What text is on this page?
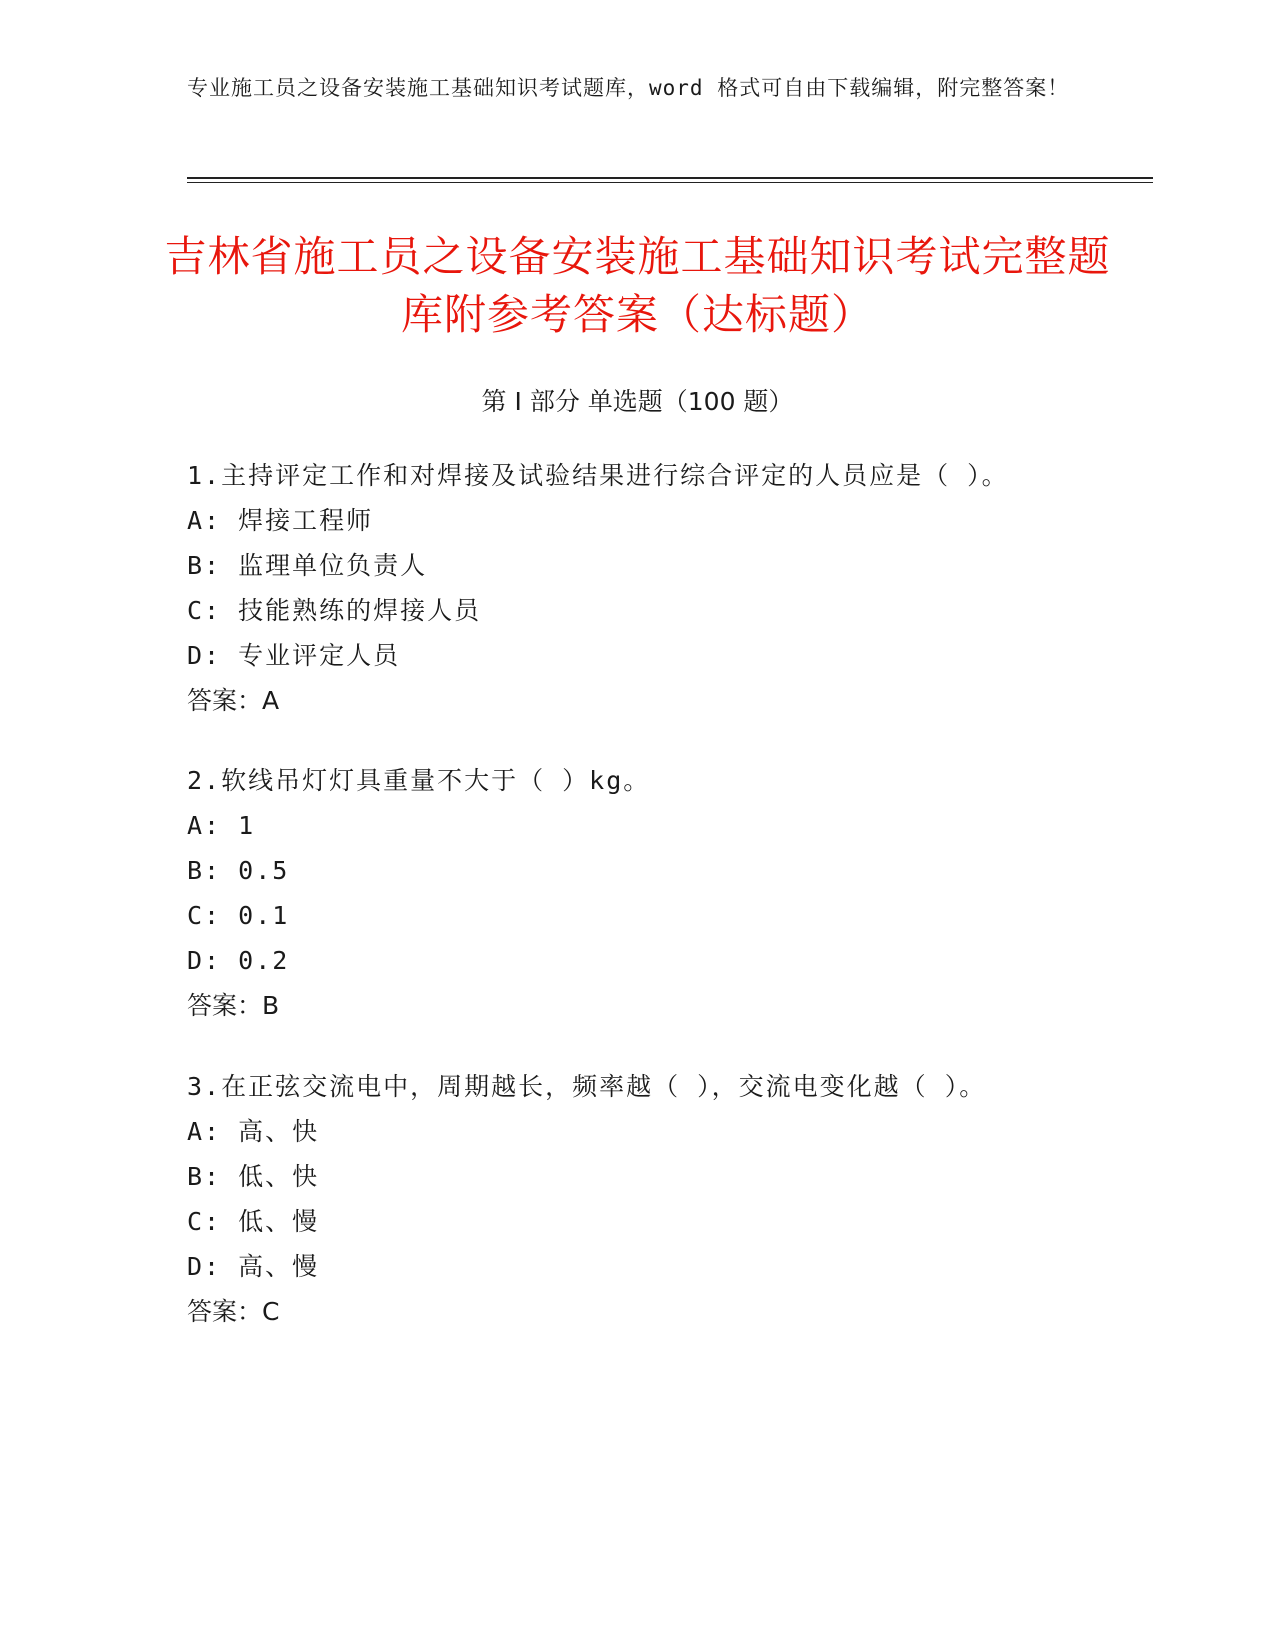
专业施工员之设备安装施工基础知识考试题库，word 格式可自由下载编辑，附完整答案！
吉林省施工员之设备安装施工基础知识考试完整题库附参考答案（达标题）
第 I 部分 单选题（100 题）
1.主持评定工作和对焊接及试验结果进行综合评定的人员应是（ ）。
A: 焊接工程师
B: 监理单位负责人
C: 技能熟练的焊接人员
D: 专业评定人员
答案：A
2.软线吊灯灯具重量不大于（ ）kg。
A: 1
B: 0.5
C: 0.1
D: 0.2
答案：B
3.在正弦交流电中，周期越长，频率越（ ），交流电变化越（ ）。
A: 高、快
B: 低、快
C: 低、慢
D: 高、慢
答案：C
